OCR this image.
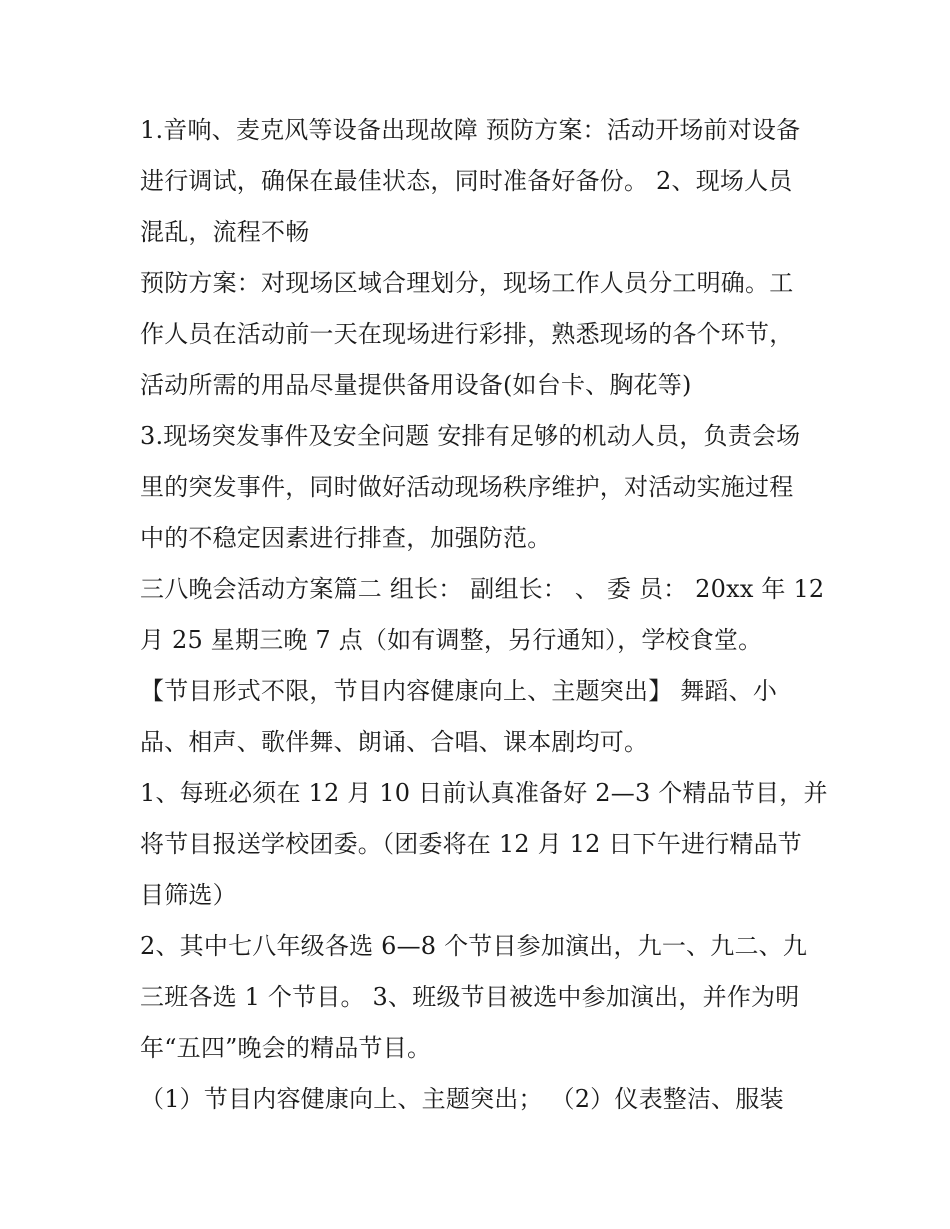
1.音响、麦克风等设备出现故障 预防方案：活动开场前对设备
进行调试，确保在最佳状态，同时准备好备份。 2、现场人员
混乱，流程不畅
预防方案：对现场区域合理划分，现场工作人员分工明确。工
作人员在活动前一天在现场进行彩排，熟悉现场的各个环节，
活动所需的用品尽量提供备用设备(如台卡、胸花等)
3.现场突发事件及安全问题 安排有足够的机动人员，负责会场
里的突发事件，同时做好活动现场秩序维护，对活动实施过程
中的不稳定因素进行排查，加强防范。
三八晚会活动方案篇二 组长： 副组长： 、 委 员： 20xx 年 12
月 25 星期三晚 7 点（如有调整，另行通知），学校食堂。
【节目形式不限，节目内容健康向上、主题突出】 舞蹈、小
品、相声、歌伴舞、朗诵、合唱、课本剧均可。
1、每班必须在 12 月 10 日前认真准备好 2—3 个精品节目，并
将节目报送学校团委。（团委将在 12 月 12 日下午进行精品节
目筛选）
2、其中七八年级各选 6—8 个节目参加演出，九一、九二、九
三班各选 1 个节目。 3、班级节目被选中参加演出，并作为明
年“五四”晚会的精品节目。
（1）节目内容健康向上、主题突出； （2）仪表整洁、服装
